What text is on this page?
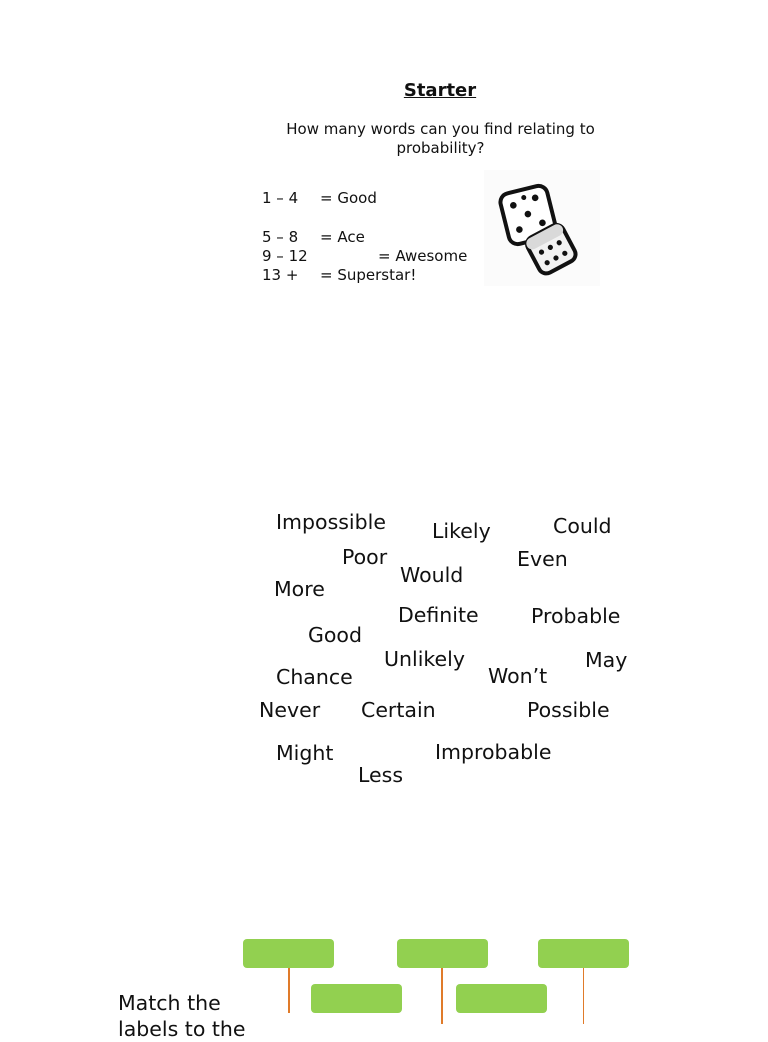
Starter
How many words can you find relating to probability?
1 – 4 = Good
5 – 8 = Ace
9 – 12	= Awesome
13 + = Superstar!
Impossible Likely	Could
Poor	Even
Would
More
Definite	Probable
Good
Unlikely	May
Chance	Won’t
Never Certain	Possible
Might	Improbable
Less
Match the
labels to the
